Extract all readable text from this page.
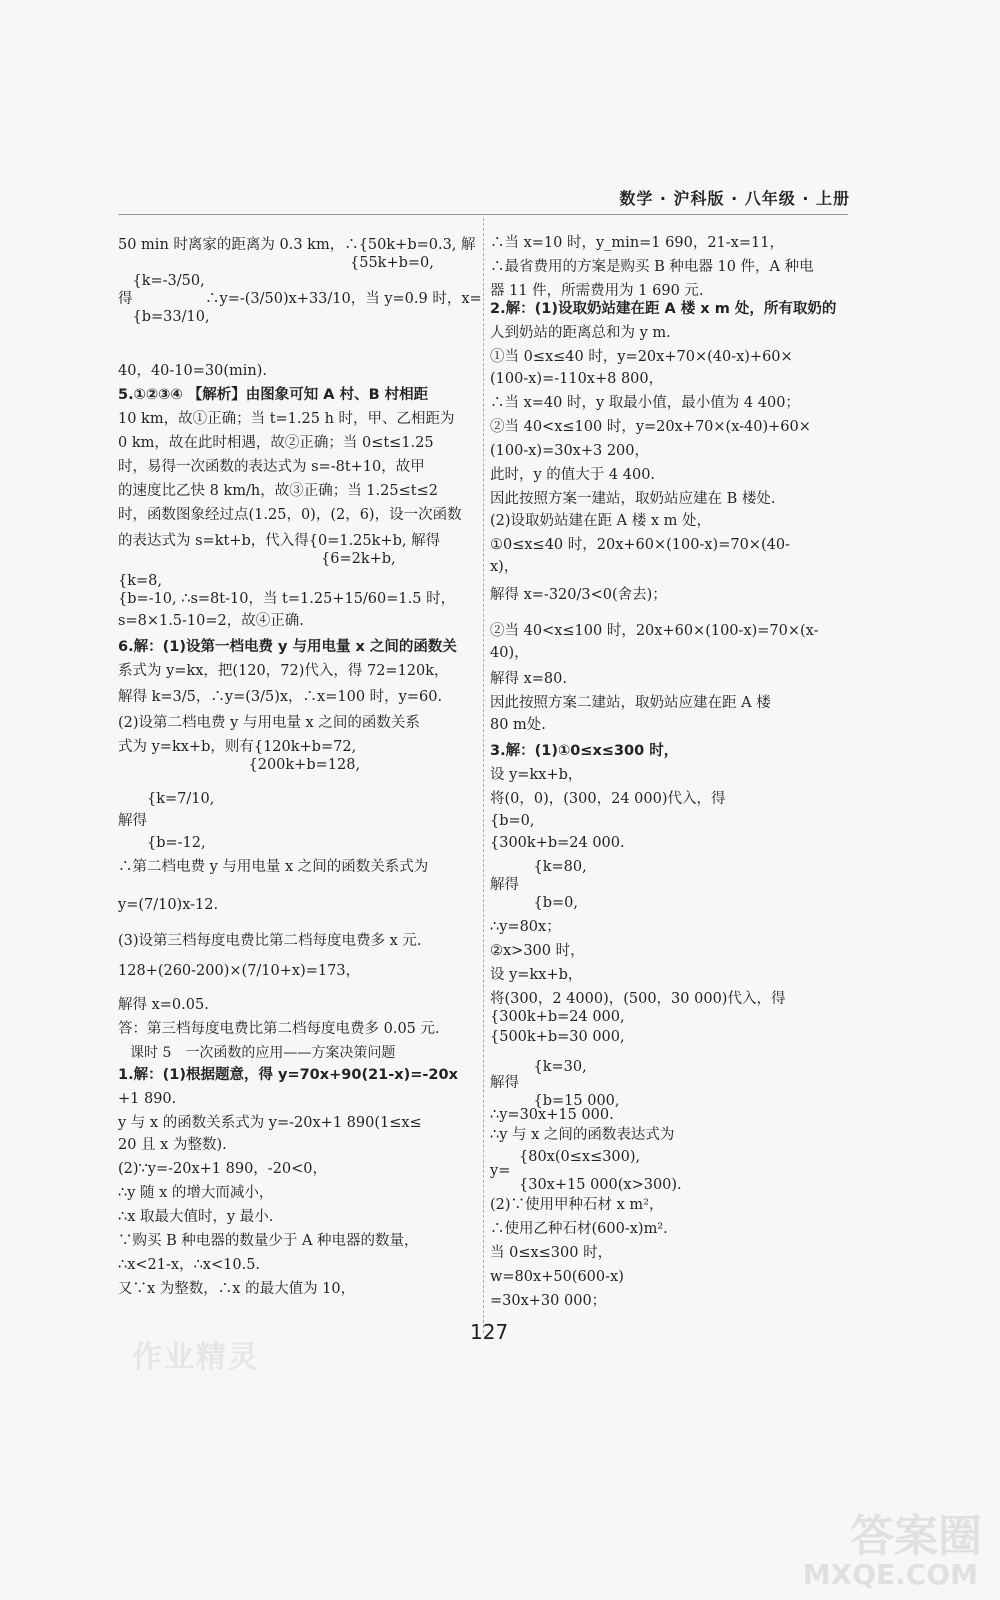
数学 · 沪科版 · 八年级 · 上册
50 min 时离家的距离为 0.3 km，∴{50k+b=0.3, 解
　　　　　　　　　　　　　　　　{55k+b=0,
　{k=-3/50,
得　　　　　∴y=-(3/50)x+33/10，当 y=0.9 时，x=
　{b=33/10,
40，40-10=30(min).
5.①②③④ 【解析】由图象可知 A 村、B 村相距
10 km，故①正确；当 t=1.25 h 时，甲、乙相距为
0 km，故在此时相遇，故②正确；当 0≤t≤1.25
时，易得一次函数的表达式为 s=-8t+10，故甲
的速度比乙快 8 km/h，故③正确；当 1.25≤t≤2
时，函数图象经过点(1.25，0)，(2，6)，设一次函数
的表达式为 s=kt+b，代入得{0=1.25k+b, 解得
　　　　　　　　　　　　　　{6=2k+b,
{k=8,
{b=-10, ∴s=8t-10，当 t=1.25+15/60=1.5 时，
s=8×1.5-10=2，故④正确.
6.解：(1)设第一档电费 y 与用电量 x 之间的函数关
系式为 y=kx，把(120，72)代入，得 72=120k，
解得 k=3/5，∴y=(3/5)x，∴x=100 时，y=60.
(2)设第二档电费 y 与用电量 x 之间的函数关系
式为 y=kx+b，则有{120k+b=72,
　　　　　　　　　{200k+b=128,
　　{k=7/10,
解得
　　{b=-12,
∴第二档电费 y 与用电量 x 之间的函数关系式为
y=(7/10)x-12.
(3)设第三档每度电费比第二档每度电费多 x 元.
128+(260-200)×(7/10+x)=173，
解得 x=0.05.
答：第三档每度电费比第二档每度电费多 0.05 元.
课时 5　一次函数的应用——方案决策问题
1.解：(1)根据题意，得 y=70x+90(21-x)=-20x
+1 890.
y 与 x 的函数关系式为 y=-20x+1 890(1≤x≤
20 且 x 为整数).
(2)∵y=-20x+1 890，-20<0，
∴y 随 x 的增大而减小，
∴x 取最大值时，y 最小.
∵购买 B 种电器的数量少于 A 种电器的数量，
∴x<21-x，∴x<10.5.
又∵x 为整数，∴x 的最大值为 10，
∴当 x=10 时，y_min=1 690，21-x=11，
∴最省费用的方案是购买 B 种电器 10 件，A 种电
器 11 件，所需费用为 1 690 元.
2.解：(1)设取奶站建在距 A 楼 x m 处，所有取奶的
人到奶站的距离总和为 y m.
①当 0≤x≤40 时，y=20x+70×(40-x)+60×
(100-x)=-110x+8 800，
∴当 x=40 时，y 取最小值，最小值为 4 400；
②当 40<x≤100 时，y=20x+70×(x-40)+60×
(100-x)=30x+3 200，
此时，y 的值大于 4 400.
因此按照方案一建站，取奶站应建在 B 楼处.
(2)设取奶站建在距 A 楼 x m 处，
①0≤x≤40 时，20x+60×(100-x)=70×(40-
x)，
解得 x=-320/3<0(舍去)；
②当 40<x≤100 时，20x+60×(100-x)=70×(x-
40)，
解得 x=80.
因此按照方案二建站，取奶站应建在距 A 楼
80 m处.
3.解：(1)①0≤x≤300 时，
设 y=kx+b，
将(0，0)，(300，24 000)代入，得
{b=0,
{300k+b=24 000.
　　　{k=80,
解得
　　　{b=0,
∴y=80x；
②x>300 时，
设 y=kx+b，
将(300，2 4000)，(500，30 000)代入，得
{300k+b=24 000,
{500k+b=30 000,
　　　{k=30,
解得
　　　{b=15 000,
∴y=30x+15 000.
∴y 与 x 之间的函数表达式为
　　{80x(0≤x≤300),
y=
　　{30x+15 000(x>300).
(2)∵使用甲种石材 x m²，
∴使用乙种石材(600-x)m².
当 0≤x≤300 时，
w=80x+50(600-x)
=30x+30 000；
127
作业精灵
答案圈
MXQE.COM
